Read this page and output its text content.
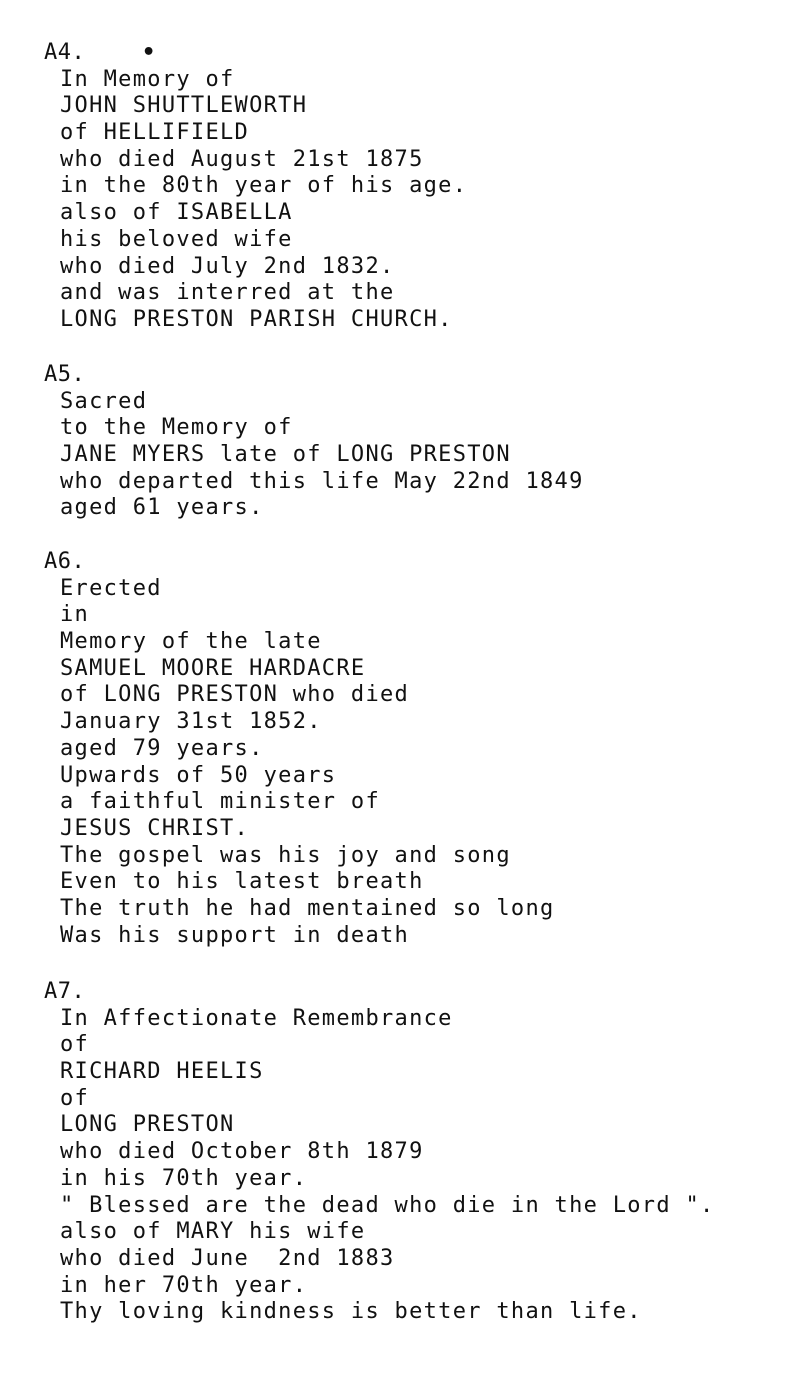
A4.	•
In Memory of
JOHN SHUTTLEWORTH
of HELLIFIELD
who died August 21st 1875
in the 80th year of his age.
also of ISABELLA
his beloved wife
who died July 2nd 1832.
and was interred at the
LONG PRESTON PARISH CHURCH.
A5.
Sacred
to the Memory of
JANE MYERS late of LONG PRESTON
who departed this life May 22nd 1849
aged 61 years.
A6.
Erected
in
Memory of the late
SAMUEL MOORE HARDACRE
of LONG PRESTON who died
January 31st 1852.
aged 79 years.
Upwards of 50 years
a faithful minister of
JESUS CHRIST.
The gospel was his joy and song
Even to his latest breath
The truth he had mentained so long
Was his support in death
A7.
In Affectionate Remembrance
of
RICHARD HEELIS
of
LONG PRESTON
who died October 8th 1879
in his 70th year.
" Blessed are the dead who die in the Lord ".
also of MARY his wife
who died June  2nd 1883
in her 70th year.
Thy loving kindness is better than life.
